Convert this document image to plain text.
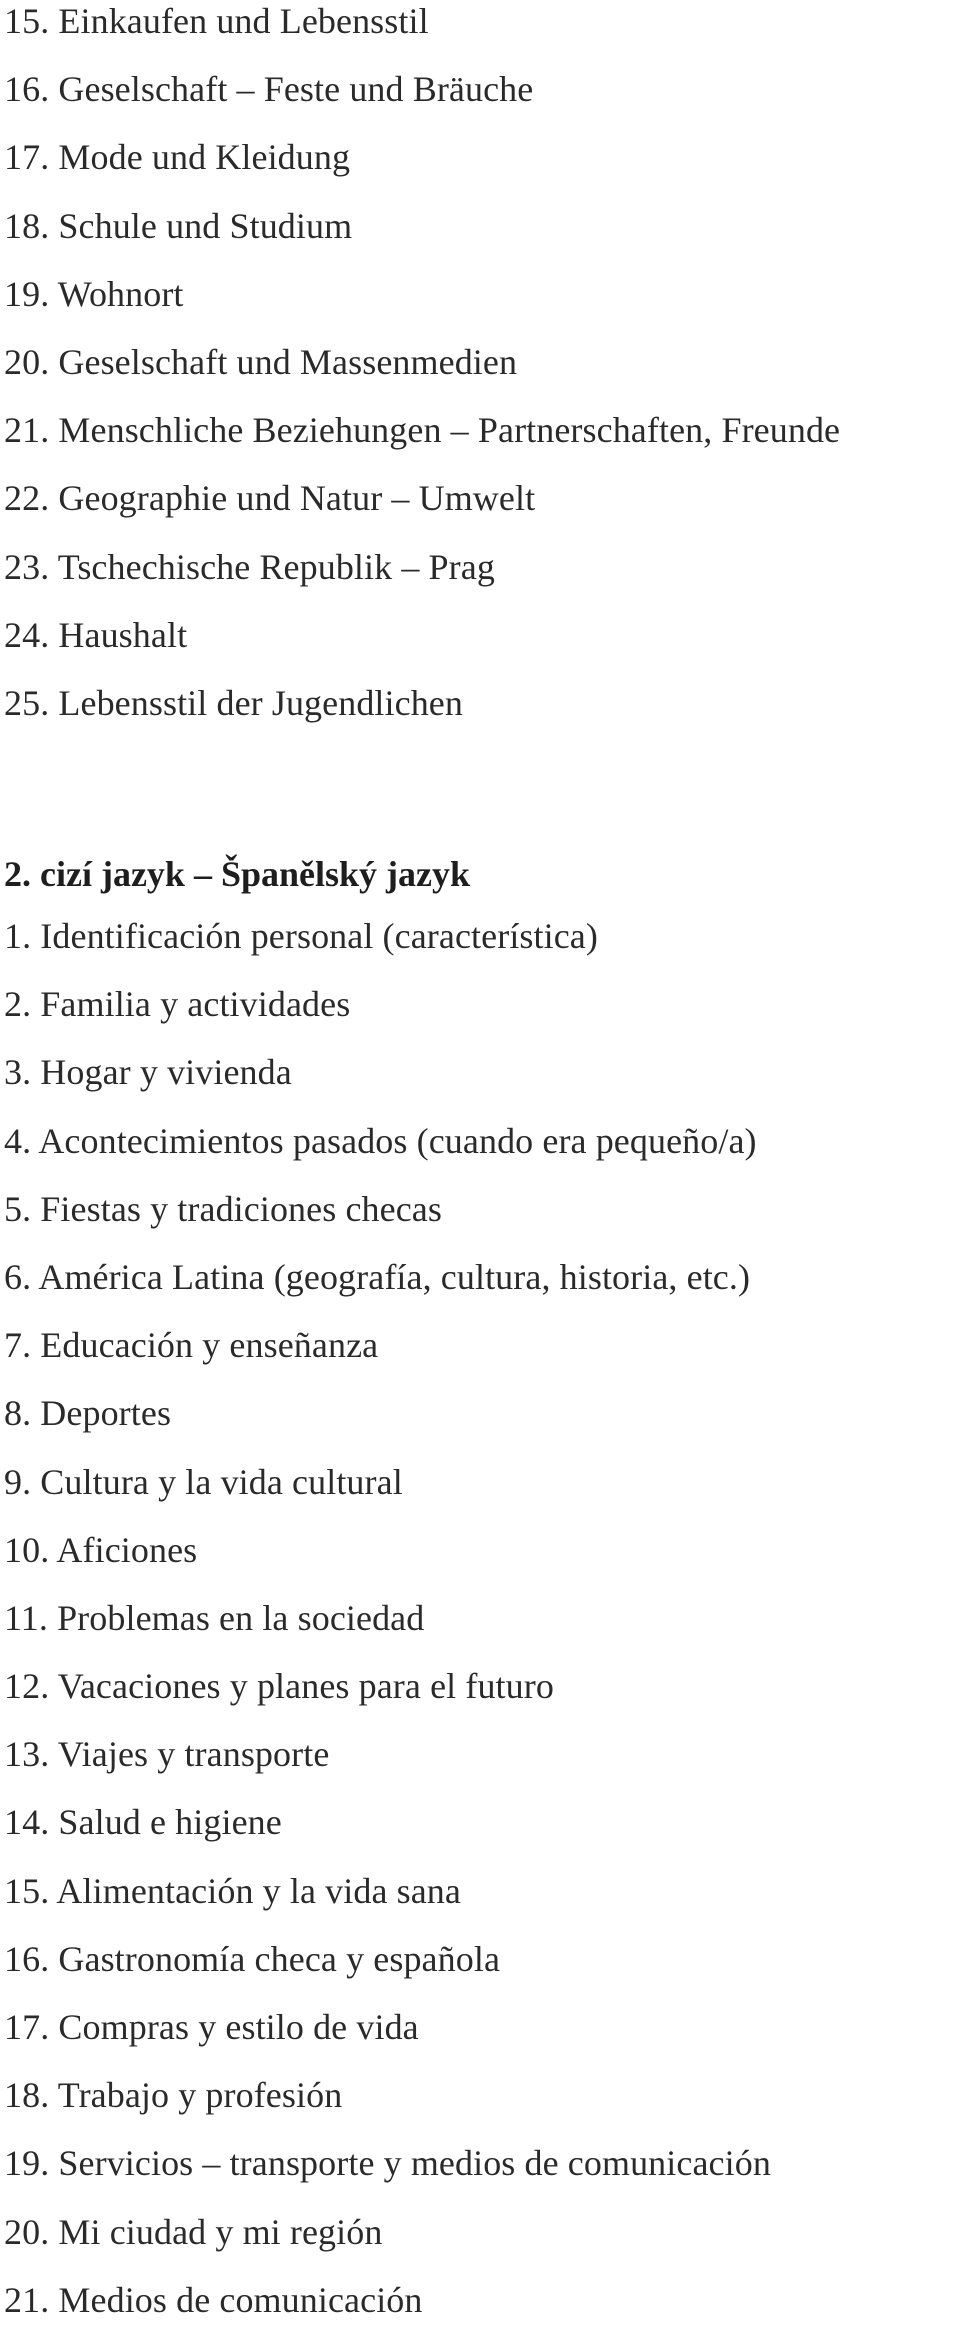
15. Einkaufen und Lebensstil
16. Geselschaft – Feste und Bräuche
17. Mode und Kleidung
18. Schule und Studium
19. Wohnort
20. Geselschaft und Massenmedien
21. Menschliche Beziehungen – Partnerschaften, Freunde
22. Geographie und Natur – Umwelt
23. Tschechische Republik – Prag
24. Haushalt
25. Lebensstil der Jugendlichen
2. cizí jazyk – Španělský jazyk
1. Identificación personal (característica)
2. Familia y actividades
3. Hogar y vivienda
4. Acontecimientos pasados (cuando era pequeño/a)
5. Fiestas y tradiciones checas
6. América Latina (geografía, cultura, historia, etc.)
7. Educación y enseñanza
8. Deportes
9. Cultura y la vida cultural
10. Aficiones
11. Problemas en la sociedad
12. Vacaciones y planes para el futuro
13. Viajes y transporte
14. Salud e higiene
15. Alimentación y la vida sana
16. Gastronomía checa y española
17. Compras y estilo de vida
18. Trabajo y profesión
19. Servicios – transporte y medios de comunicación
20. Mi ciudad y mi región
21. Medios de comunicación
